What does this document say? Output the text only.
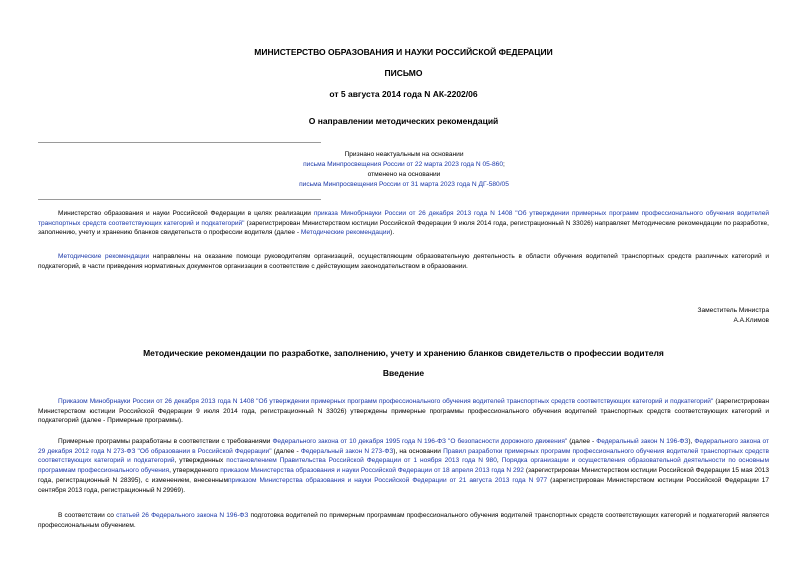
МИНИСТЕРСТВО ОБРАЗОВАНИЯ И НАУКИ РОССИЙСКОЙ ФЕДЕРАЦИИ
ПИСЬМО
от 5 августа 2014 года N АК-2202/06
О направлении методических рекомендаций
Признано неактуальным на основании
письма Минпросвещения России от 22 марта 2023 года N 05-860;
отменено на основании
письма Минпросвещения России от 31 марта 2023 года N ДГ-580/05

Министерство образования и науки Российской Федерации в целях реализации приказа Минобрнауки России от 26 декабря 2013 года N 1408 "Об утверждении примерных программ профессионального обучения водителей транспортных средств соответствующих категорий и подкатегорий" (зарегистрирован Министерством юстиции Российской Федерации 9 июля 2014 года, регистрационный N 33026) направляет Методические рекомендации по разработке, заполнению, учету и хранению бланков свидетельств о профессии водителя (далее - Методические рекомендации).

Методические рекомендации направлены на оказание помощи руководителям организаций, осуществляющим образовательную деятельность в области обучения водителей транспортных средств различных категорий и подкатегорий, в части приведения нормативных документов организации в соответствие с действующим законодательством в образовании.

Заместитель Министра
А.А.Климов
Методические рекомендации по разработке, заполнению, учету и хранению бланков свидетельств о профессии водителя
Введение

Приказом Минобрнауки России от 26 декабря 2013 года N 1408 "Об утверждении примерных программ профессионального обучения водителей транспортных средств соответствующих категорий и подкатегорий" (зарегистрирован Министерством юстиции Российской Федерации 9 июля 2014 года, регистрационный N 33026) утверждены примерные программы профессионального обучения водителей транспортных средств соответствующих категорий и подкатегорий (далее - Примерные программы).

Примерные программы разработаны в соответствии с требованиями Федерального закона от 10 декабря 1995 года N 196-ФЗ "О безопасности дорожного движения" (далее - Федеральный закон N 196-ФЗ), Федерального закона от 29 декабря 2012 года N 273-ФЗ "Об образовании в Российской Федерации" (далее - Федеральный закон N 273-ФЗ), на основании Правил разработки примерных программ профессионального обучения водителей транспортных средств соответствующих категорий и подкатегорий, утвержденных постановлением Правительства Российской Федерации от 1 ноября 2013 года N 980, Порядка организации и осуществления образовательной деятельности по основным программам профессионального обучения, утвержденного приказом Министерства образования и науки Российской Федерации от 18 апреля 2013 года N 292 (зарегистрирован Министерством юстиции Российской Федерации 15 мая 2013 года, регистрационный N 28395), с изменением, внесеннымприказом Министерства образования и науки Российской Федерации от 21 августа 2013 года N 977 (зарегистрирован Министерством юстиции Российской Федерации 17 сентября 2013 года, регистрационный N 29969).

В соответствии со статьей 26 Федерального закона N 196-ФЗ подготовка водителей по примерным программам профессионального обучения водителей транспортных средств соответствующих категорий и подкатегорий является профессиональным обучением.
